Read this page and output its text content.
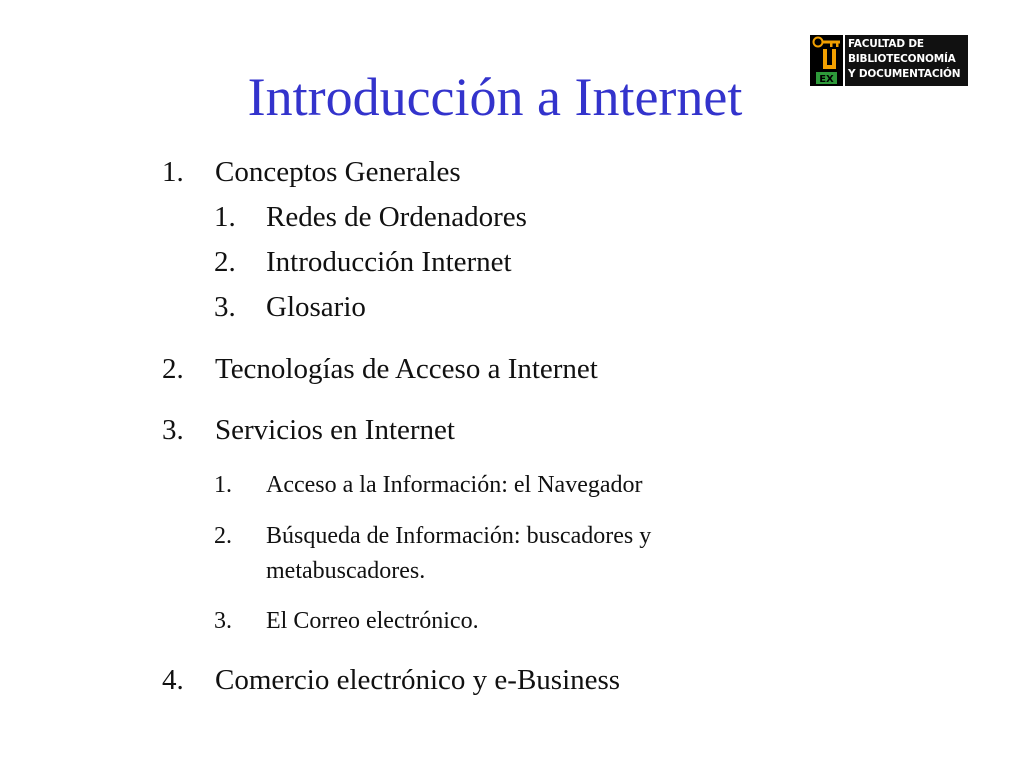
Introducción a Internet	EX
FACULTAD DE
BIBLIOTECONOMÍA
Y DOCUMENTACIÓN
1. Conceptos Generales
1. Redes de Ordenadores
2. Introducción Internet
3. Glosario
2. Tecnologías de Acceso a Internet
3. Servicios en Internet
1. Acceso a la Información: el Navegador
2. Búsqueda de Información: buscadores y
metabuscadores.
3. El Correo electrónico.
4. Comercio electrónico y e-Business
